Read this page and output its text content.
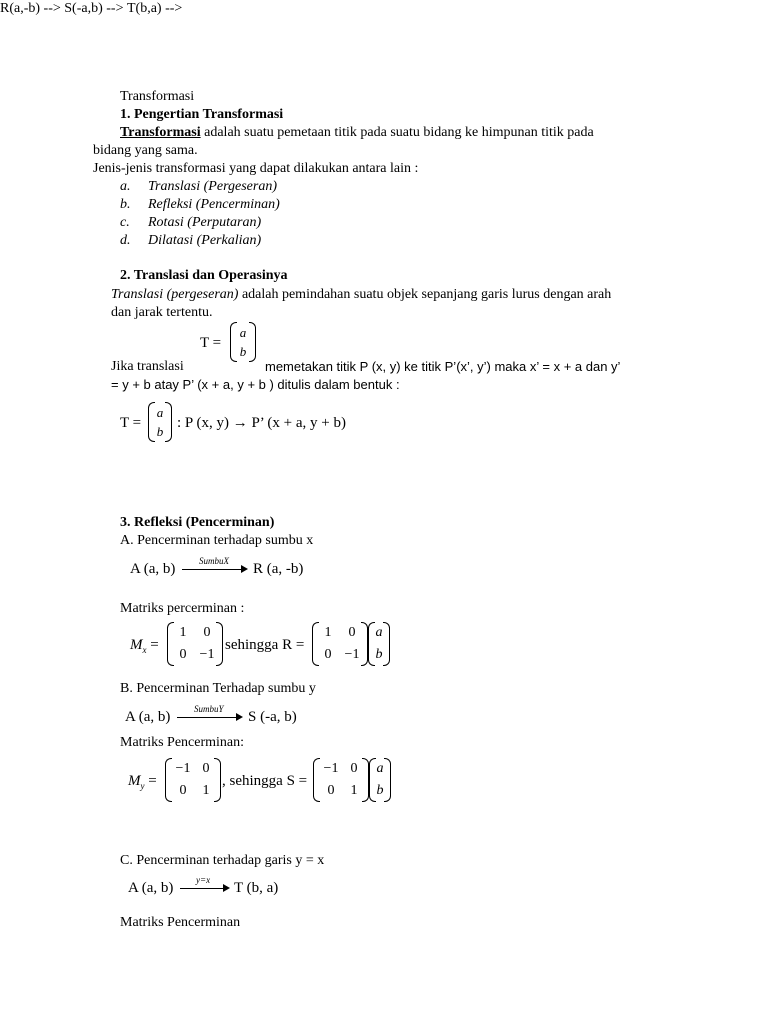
Transformasi
1. Pengertian Transformasi
Transformasi adalah suatu pemetaan titik pada suatu bidang ke himpunan titik pada
bidang yang sama.
Jenis-jenis transformasi yang dapat dilakukan antara lain :
a. Translasi (Pergeseran)
b. Refleksi (Pencerminan)
c. Rotasi (Perputaran)
d. Dilatasi (Perkalian)
2. Translasi dan Operasinya
Translasi (pergeseran) adalah pemindahan suatu objek sepanjang garis lurus dengan arah
dan jarak tertentu.
T =
a
b
Jika translasi	memetakan titik P (x, y) ke titik P’(x’, y’) maka x’ = x + a dan y’
= y + b atay P’ (x + a, y + b ) ditulis dalam bentuk :
T =
a
b
: P (x, y) → P’ (x + a, y + b)
3. Refleksi (Pencerminan)
A. Pencerminan terhadap sumbu x
R(a,-b) -->
A (a, b)	SumbuX R (a, -b)
Matriks percerminan :
$M_x$ =
1	0
0 −1
sehingga R =
1	0
0 −1
a
b
B. Pencerminan Terhadap sumbu y
S(-a,b) -->
A (a, b)	SumbuY S (-a, b)
Matriks Pencerminan:
$M_y$ =
−1 0
0	1
, sehingga S =
−1 0
0	1
a
b
C. Pencerminan terhadap garis y = x
T(b,a) -->
A (a, b)	y=x T (b, a)
Matriks Pencerminan
